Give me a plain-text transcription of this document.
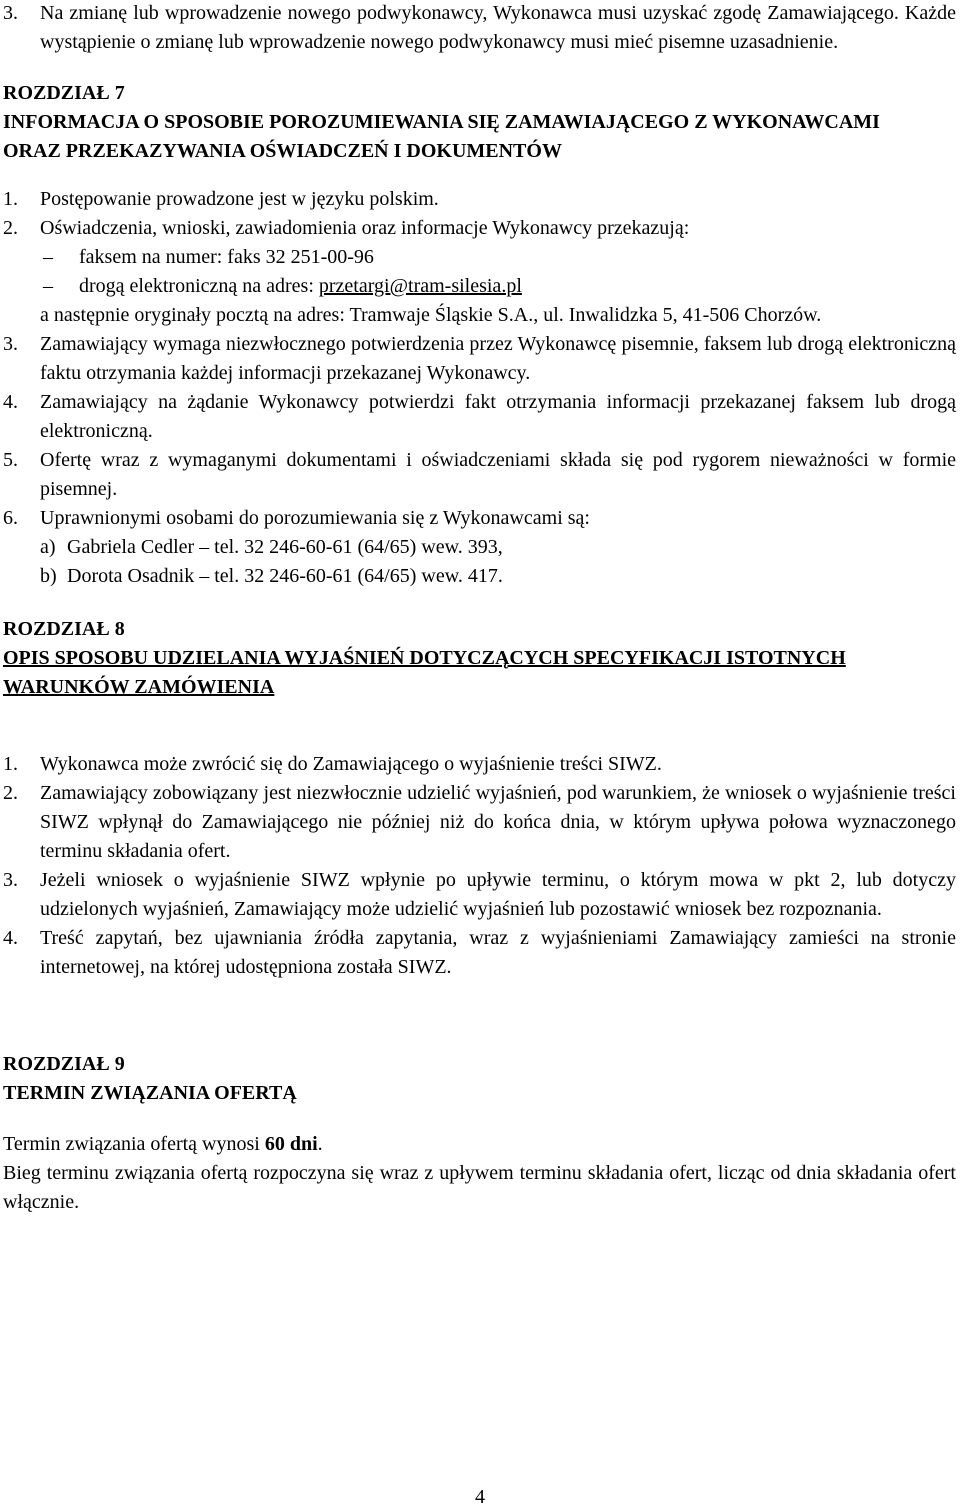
3. Na zmianę lub wprowadzenie nowego podwykonawcy, Wykonawca musi uzyskać zgodę Zamawiającego. Każde wystąpienie o zmianę lub wprowadzenie nowego podwykonawcy musi mieć pisemne uzasadnienie.
ROZDZIAŁ 7
INFORMACJA O SPOSOBIE POROZUMIEWANIA SIĘ ZAMAWIAJĄCEGO Z WYKONAWCAMI ORAZ PRZEKAZYWANIA OŚWIADCZEŃ I DOKUMENTÓW
1. Postępowanie prowadzone jest w języku polskim.
2. Oświadczenia, wnioski, zawiadomienia oraz informacje Wykonawcy przekazują:
– faksem na numer: faks 32 251-00-96
– drogą elektroniczną na adres: przetargi@tram-silesia.pl
a następnie oryginały pocztą na adres: Tramwaje Śląskie S.A., ul. Inwalidzka 5, 41-506 Chorzów.
3. Zamawiający wymaga niezwłocznego potwierdzenia przez Wykonawcę pisemnie, faksem lub drogą elektroniczną faktu otrzymania każdej informacji przekazanej Wykonawcy.
4. Zamawiający na żądanie Wykonawcy potwierdzi fakt otrzymania informacji przekazanej faksem lub drogą elektroniczną.
5. Ofertę wraz z wymaganymi dokumentami i oświadczeniami składa się pod rygorem nieważności w formie pisemnej.
6. Uprawnionymi osobami do porozumiewania się z Wykonawcami są:
a) Gabriela Cedler – tel. 32 246-60-61 (64/65) wew. 393,
b) Dorota Osadnik – tel. 32 246-60-61 (64/65) wew. 417.
ROZDZIAŁ 8
OPIS SPOSOBU UDZIELANIA WYJAŚNIEŃ DOTYCZĄCYCH SPECYFIKACJI ISTOTNYCH WARUNKÓW ZAMÓWIENIA
1. Wykonawca może zwrócić się do Zamawiającego o wyjaśnienie treści SIWZ.
2. Zamawiający zobowiązany jest niezwłocznie udzielić wyjaśnień, pod warunkiem, że wniosek o wyjaśnienie treści SIWZ wpłynął do Zamawiającego nie później niż do końca dnia, w którym upływa połowa wyznaczonego terminu składania ofert.
3. Jeżeli wniosek o wyjaśnienie SIWZ wpłynie po upływie terminu, o którym mowa w pkt 2, lub dotyczy udzielonych wyjaśnień, Zamawiający może udzielić wyjaśnień lub pozostawić wniosek bez rozpoznania.
4. Treść zapytań, bez ujawniania źródła zapytania, wraz z wyjaśnieniami Zamawiający zamieści na stronie internetowej, na której udostępniona została SIWZ.
ROZDZIAŁ 9
TERMIN ZWIĄZANIA OFERTĄ
Termin związania ofertą wynosi 60 dni.
Bieg terminu związania ofertą rozpoczyna się wraz z upływem terminu składania ofert, licząc od dnia składania ofert włącznie.
4
